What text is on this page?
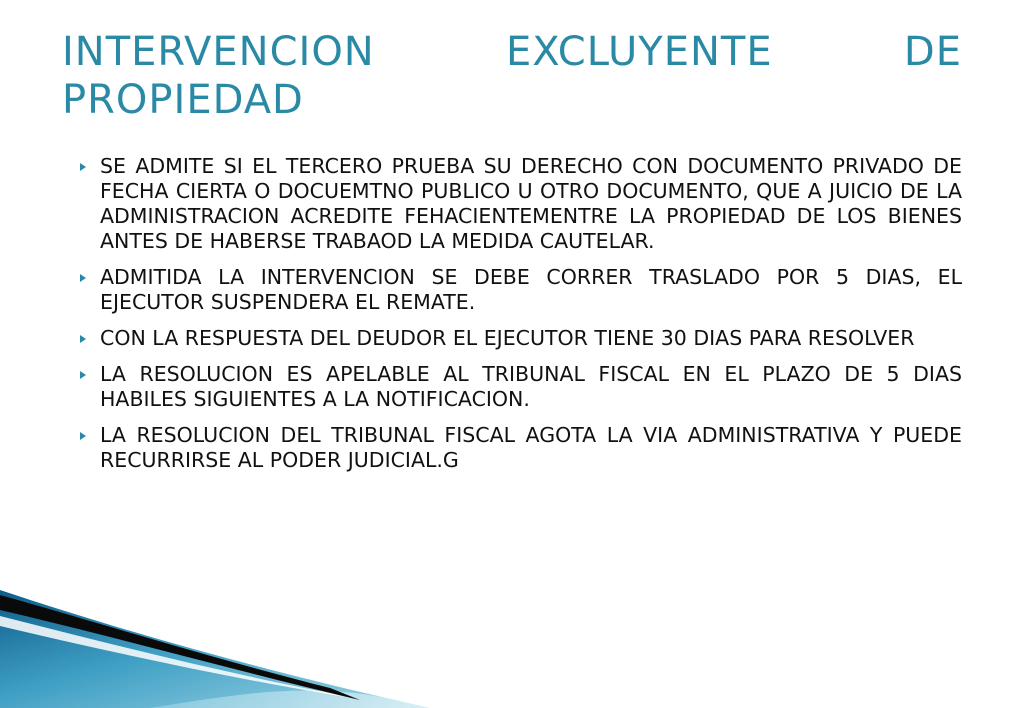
INTERVENCION EXCLUYENTE DE PROPIEDAD
SE ADMITE SI EL TERCERO PRUEBA SU DERECHO CON DOCUMENTO PRIVADO DE FECHA CIERTA O DOCUEMTNO PUBLICO U OTRO DOCUMENTO, QUE A JUICIO DE LA ADMINISTRACION ACREDITE FEHACIENTEMENTRE LA PROPIEDAD DE LOS BIENES ANTES DE HABERSE TRABAOD LA MEDIDA CAUTELAR.
ADMITIDA LA INTERVENCION SE DEBE CORRER TRASLADO POR 5 DIAS, EL EJECUTOR SUSPENDERA EL REMATE.
CON LA RESPUESTA DEL DEUDOR EL EJECUTOR TIENE 30 DIAS PARA RESOLVER
LA RESOLUCION ES APELABLE AL TRIBUNAL FISCAL EN EL PLAZO DE 5 DIAS HABILES SIGUIENTES A LA NOTIFICACION.
LA RESOLUCION DEL TRIBUNAL FISCAL AGOTA LA VIA ADMINISTRATIVA Y PUEDE RECURRIRSE AL PODER JUDICIAL.G
